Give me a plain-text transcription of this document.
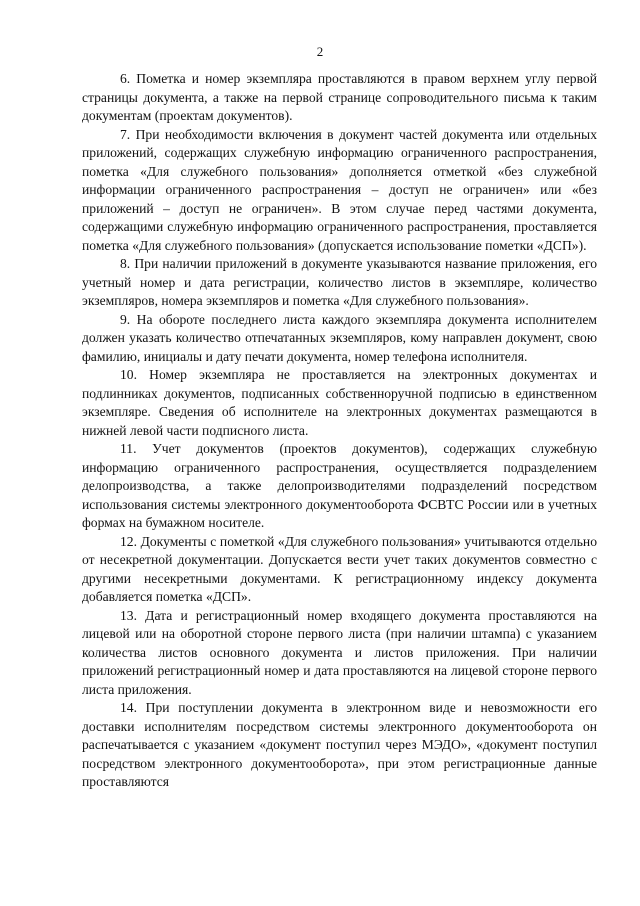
2

6. Пометка и номер экземпляра проставляются в правом верхнем углу первой страницы документа, а также на первой странице сопроводительного письма к таким документам (проектам документов).

7. При необходимости включения в документ частей документа или отдельных приложений, содержащих служебную информацию ограниченного распространения, пометка «Для служебного пользования» дополняется отметкой «без служебной информации ограниченного распространения – доступ не ограничен» или «без приложений – доступ не ограничен». В этом случае перед частями документа, содержащими служебную информацию ограниченного распространения, проставляется пометка «Для служебного пользования» (допускается использование пометки «ДСП»).

8. При наличии приложений в документе указываются название приложения, его учетный номер и дата регистрации, количество листов в экземпляре, количество экземпляров, номера экземпляров и пометка «Для служебного пользования».

9. На обороте последнего листа каждого экземпляра документа исполнителем должен указать количество отпечатанных экземпляров, кому направлен документ, свою фамилию, инициалы и дату печати документа, номер телефона исполнителя.

10. Номер экземпляра не проставляется на электронных документах и подлинниках документов, подписанных собственноручной подписью в единственном экземпляре. Сведения об исполнителе на электронных документах размещаются в нижней левой части подписного листа.

11. Учет документов (проектов документов), содержащих служебную информацию ограниченного распространения, осуществляется подразделением делопроизводства, а также делопроизводителями подразделений посредством использования системы электронного документооборота ФСВТС России или в учетных формах на бумажном носителе.

12. Документы с пометкой «Для служебного пользования» учитываются отдельно от несекретной документации. Допускается вести учет таких документов совместно с другими несекретными документами. К регистрационному индексу документа добавляется пометка «ДСП».

13. Дата и регистрационный номер входящего документа проставляются на лицевой или на оборотной стороне первого листа (при наличии штампа) с указанием количества листов основного документа и листов приложения. При наличии приложений регистрационный номер и дата проставляются на лицевой стороне первого листа приложения.

14. При поступлении документа в электронном виде и невозможности его доставки исполнителям посредством системы электронного документооборота он распечатывается с указанием «документ поступил через МЭДО», «документ поступил посредством электронного документооборота», при этом регистрационные данные проставляются
